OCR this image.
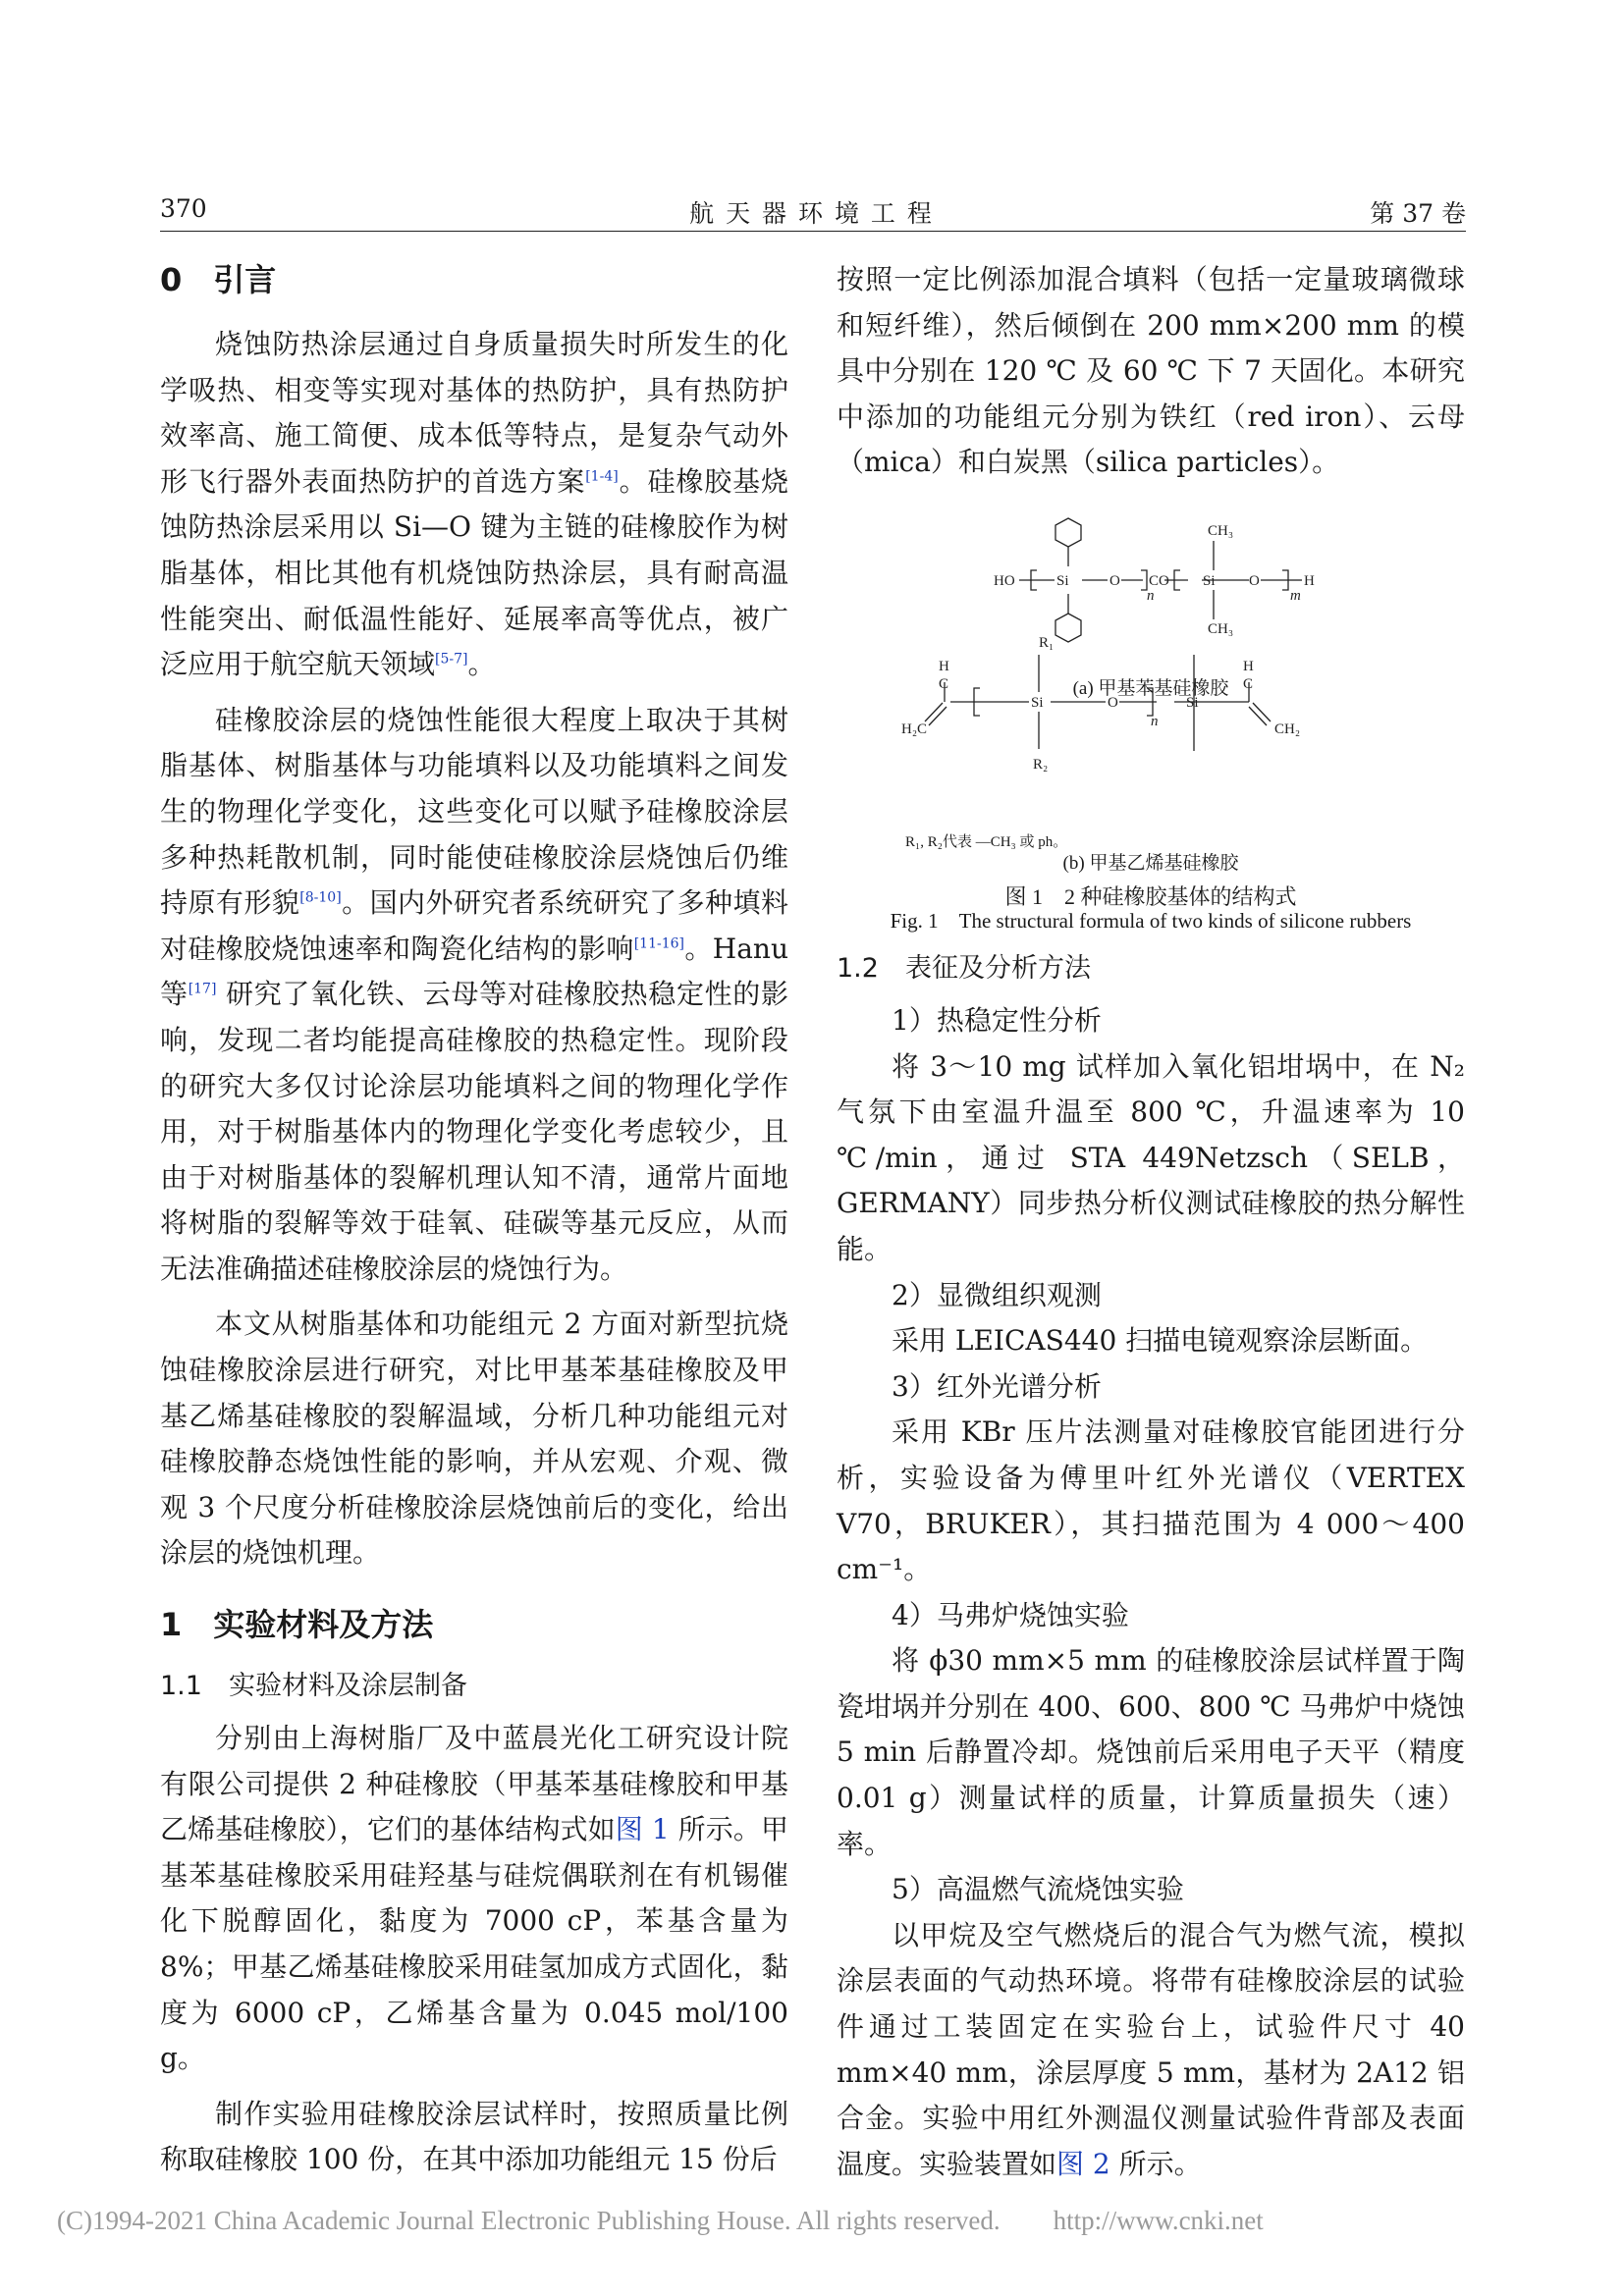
370	航 天 器 环 境 工 程	第 37 卷
0　引言

烧蚀防热涂层通过自身质量损失时所发生的化学吸热、相变等实现对基体的热防护，具有热防护效率高、施工简便、成本低等特点，是复杂气动外形飞行器外表面热防护的首选方案[1-4]。硅橡胶基烧蚀防热涂层采用以 Si—O 键为主链的硅橡胶作为树脂基体，相比其他有机烧蚀防热涂层，具有耐高温性能突出、耐低温性能好、延展率高等优点，被广泛应用于航空航天领域[5-7]。

硅橡胶涂层的烧蚀性能很大程度上取决于其树脂基体、树脂基体与功能填料以及功能填料之间发生的物理化学变化，这些变化可以赋予硅橡胶涂层多种热耗散机制，同时能使硅橡胶涂层烧蚀后仍维持原有形貌[8-10]。国内外研究者系统研究了多种填料对硅橡胶烧蚀速率和陶瓷化结构的影响[11-16]。Hanu 等[17] 研究了氧化铁、云母等对硅橡胶热稳定性的影响，发现二者均能提高硅橡胶的热稳定性。现阶段的研究大多仅讨论涂层功能填料之间的物理化学作用，对于树脂基体内的物理化学变化考虑较少，且由于对树脂基体的裂解机理认知不清，通常片面地将树脂的裂解等效于硅氧、硅碳等基元反应，从而无法准确描述硅橡胶涂层的烧蚀行为。

本文从树脂基体和功能组元 2 方面对新型抗烧蚀硅橡胶涂层进行研究，对比甲基苯基硅橡胶及甲基乙烯基硅橡胶的裂解温域，分析几种功能组元对硅橡胶静态烧蚀性能的影响，并从宏观、介观、微观 3 个尺度分析硅橡胶涂层烧蚀前后的变化，给出涂层的烧蚀机理。

1　实验材料及方法
1.1　实验材料及涂层制备

分别由上海树脂厂及中蓝晨光化工研究设计院有限公司提供 2 种硅橡胶（甲基苯基硅橡胶和甲基乙烯基硅橡胶），它们的基体结构式如图 1 所示。甲基苯基硅橡胶采用硅羟基与硅烷偶联剂在有机锡催化下脱醇固化，黏度为 7000 cP，苯基含量为 8%；甲基乙烯基硅橡胶采用硅氢加成方式固化，黏度为 6000 cP，乙烯基含量为 0.045 mol/100 g。

制作实验用硅橡胶涂层试样时，按照质量比例称取硅橡胶 100 份，在其中添加功能组元 15 份后

按照一定比例添加混合填料（包括一定量玻璃微球和短纤维），然后倾倒在 200 mm×200 mm 的模具中分别在 120 ℃ 及 60 ℃ 下 7 天固化。本研究中添加的功能组元分别为铁红（red iron）、云母（mica）和白炭黑（silica particles）。

HO	Si	O
n
CO Si
CH₃
CH₃
O
m
H
R₁
H
C
H₂C
Si	O
n
Si
H
C
CH₂
R₂
(a) 甲基苯基硅橡胶
R₁, R₂代表 —CH₃ 或 ph。
(b) 甲基乙烯基硅橡胶
图 1　2 种硅橡胶基体的结构式
Fig. 1　The structural formula of two kinds of silicone rubbers
1.2　表征及分析方法

1）热稳定性分析

将 3～10 mg 试样加入氧化铝坩埚中，在 N₂ 气氛下由室温升温至 800 ℃，升温速率为 10 ℃/min，通过 STA 449Netzsch（SELB，GERMANY）同步热分析仪测试硅橡胶的热分解性能。

2）显微组织观测

采用 LEICAS440 扫描电镜观察涂层断面。

3）红外光谱分析

采用 KBr 压片法测量对硅橡胶官能团进行分析，实验设备为傅里叶红外光谱仪（VERTEX V70，BRUKER），其扫描范围为 4 000～400 cm⁻¹。

4）马弗炉烧蚀实验

将 ϕ30 mm×5 mm 的硅橡胶涂层试样置于陶瓷坩埚并分别在 400、600、800 ℃ 马弗炉中烧蚀 5 min 后静置冷却。烧蚀前后采用电子天平（精度 0.01 g）测量试样的质量，计算质量损失（速）率。

5）高温燃气流烧蚀实验

以甲烷及空气燃烧后的混合气为燃气流，模拟涂层表面的气动热环境。将带有硅橡胶涂层的试验件通过工装固定在实验台上，试验件尺寸 40 mm×40 mm，涂层厚度 5 mm，基材为 2A12 铝合金。实验中用红外测温仪测量试验件背部及表面温度。实验装置如图 2 所示。

(C)1994-2021 China Academic Journal Electronic Publishing House. All rights reserved.　　http://www.cnki.net
